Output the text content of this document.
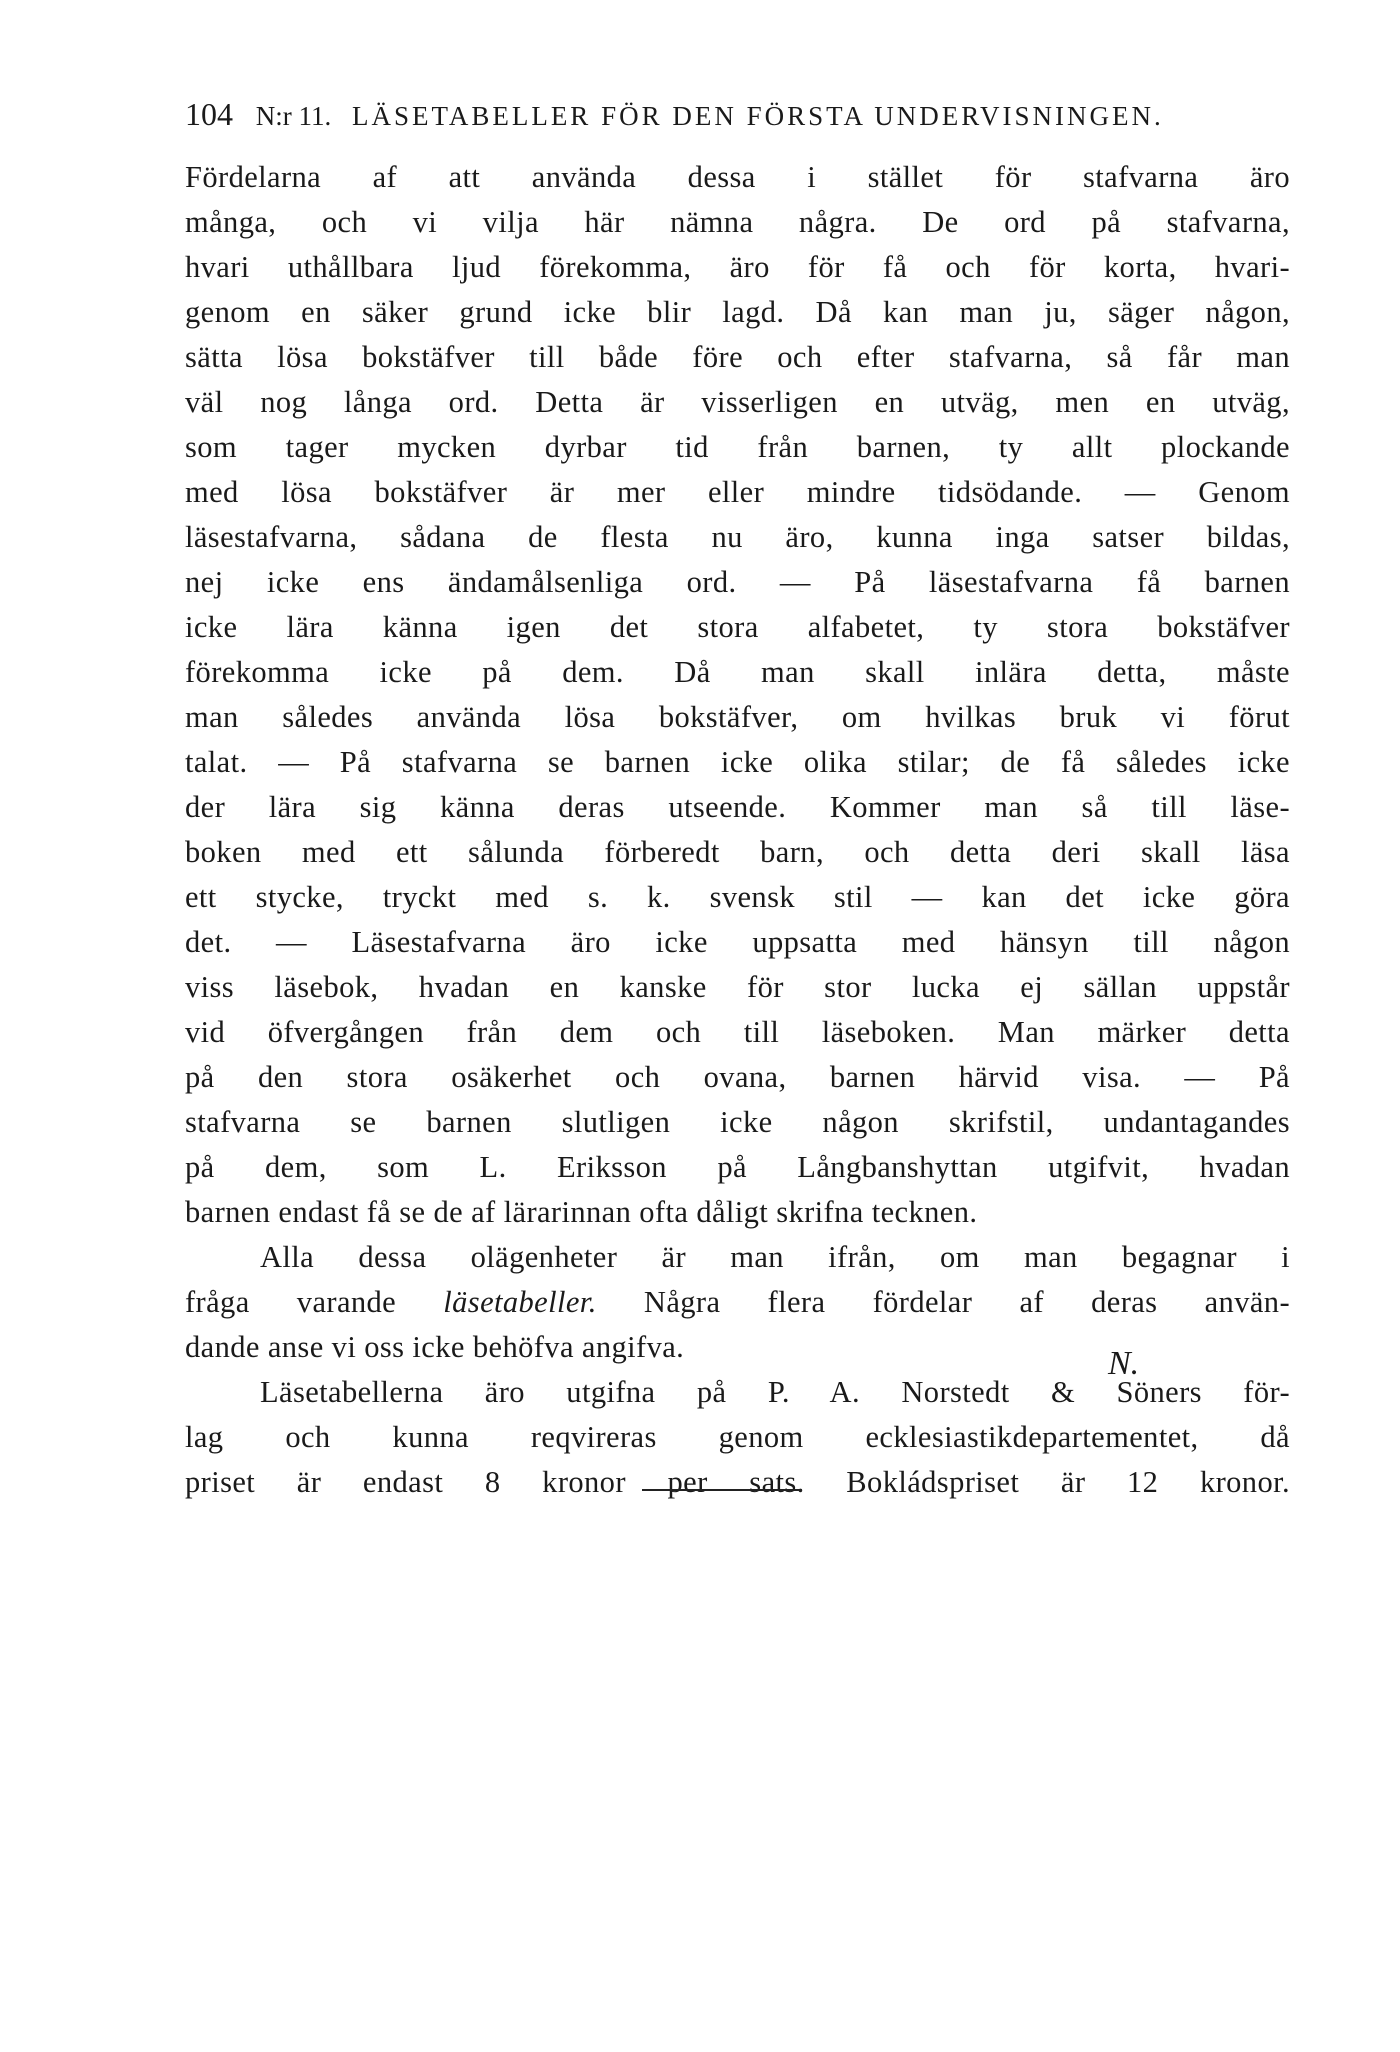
104 N:r 11. LÄSETABELLER FÖR DEN FÖRSTA UNDERVISNINGEN.
Fördelarna af att använda dessa i stället för stafvarna äro
många, och vi vilja här nämna några. De ord på stafvarna,
hvari uthållbara ljud förekomma, äro för få och för korta, hvari-
genom en säker grund icke blir lagd. Då kan man ju, säger någon,
sätta lösa bokstäfver till både före och efter stafvarna, så får man
väl nog långa ord. Detta är visserligen en utväg, men en utväg,
som tager mycken dyrbar tid från barnen, ty allt plockande
med lösa bokstäfver är mer eller mindre tidsödande. — Genom
läsestafvarna, sådana de flesta nu äro, kunna inga satser bildas,
nej icke ens ändamålsenliga ord. — På läsestafvarna få barnen
icke lära känna igen det stora alfabetet, ty stora bokstäfver
förekomma icke på dem. Då man skall inlära detta, måste
man således använda lösa bokstäfver, om hvilkas bruk vi förut
talat. — På stafvarna se barnen icke olika stilar; de få således icke
der lära sig känna deras utseende. Kommer man så till läse-
boken med ett sålunda förberedt barn, och detta deri skall läsa
ett stycke, tryckt med s. k. svensk stil — kan det icke göra
det. — Läsestafvarna äro icke uppsatta med hänsyn till någon
viss läsebok, hvadan en kanske för stor lucka ej sällan uppstår
vid öfvergången från dem och till läseboken. Man märker detta
på den stora osäkerhet och ovana, barnen härvid visa. — På
stafvarna se barnen slutligen icke någon skrifstil, undantagandes
på dem, som L. Eriksson på Långbanshyttan utgifvit, hvadan
barnen endast få se de af lärarinnan ofta dåligt skrifna tecknen.
Alla dessa olägenheter är man ifrån, om man begagnar i
fråga varande läsetabeller. Några flera fördelar af deras använ-
dande anse vi oss icke behöfva angifva.
Läsetabellerna äro utgifna på P. A. Norstedt & Söners för-
lag och kunna reqvireras genom ecklesiastikdepartementet, då
priset är endast 8 kronor per sats. Bokládspriset är 12 kronor.
N.
